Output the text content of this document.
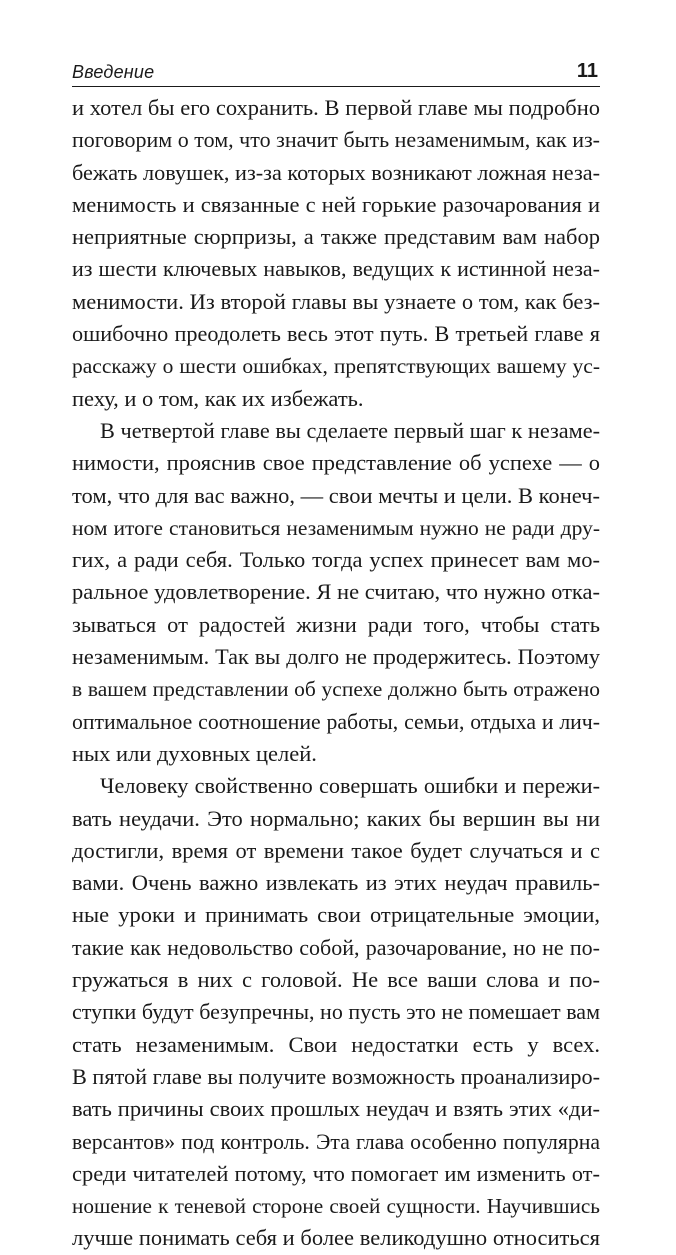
Введение	11
и хотел бы его сохранить. В первой главе мы подробно
поговорим о том, что значит быть незаменимым, как из-
бежать ловушек, из-за которых возникают ложная неза-
менимость и связанные с ней горькие разочарования и
неприятные сюрпризы, а также представим вам набор
из шести ключевых навыков, ведущих к истинной неза-
менимости. Из второй главы вы узнаете о том, как без-
ошибочно преодолеть весь этот путь. В третьей главе я
расскажу о шести ошибках, препятствующих вашему ус-
пеху, и о том, как их избежать.
В четвертой главе вы сделаете первый шаг к незаме-
нимости, прояснив свое представление об успехе — о
том, что для вас важно, — свои мечты и цели. В конеч-
ном итоге становиться незаменимым нужно не ради дру-
гих, а ради себя. Только тогда успех принесет вам мо-
ральное удовлетворение. Я не считаю, что нужно отка-
зываться от радостей жизни ради того, чтобы стать
незаменимым. Так вы долго не продержитесь. Поэтому
в вашем представлении об успехе должно быть отражено
оптимальное соотношение работы, семьи, отдыха и лич-
ных или духовных целей.
Человеку свойственно совершать ошибки и пережи-
вать неудачи. Это нормально; каких бы вершин вы ни
достигли, время от времени такое будет случаться и с
вами. Очень важно извлекать из этих неудач правиль-
ные уроки и принимать свои отрицательные эмоции,
такие как недовольство собой, разочарование, но не по-
гружаться в них с головой. Не все ваши слова и по-
ступки будут безупречны, но пусть это не помешает вам
стать незаменимым. Свои недостатки есть у всех.
В пятой главе вы получите возможность проанализиро-
вать причины своих прошлых неудач и взять этих «ди-
версантов» под контроль. Эта глава особенно популярна
среди читателей потому, что помогает им изменить от-
ношение к теневой стороне своей сущности. Научившись
лучше понимать себя и более великодушно относиться
